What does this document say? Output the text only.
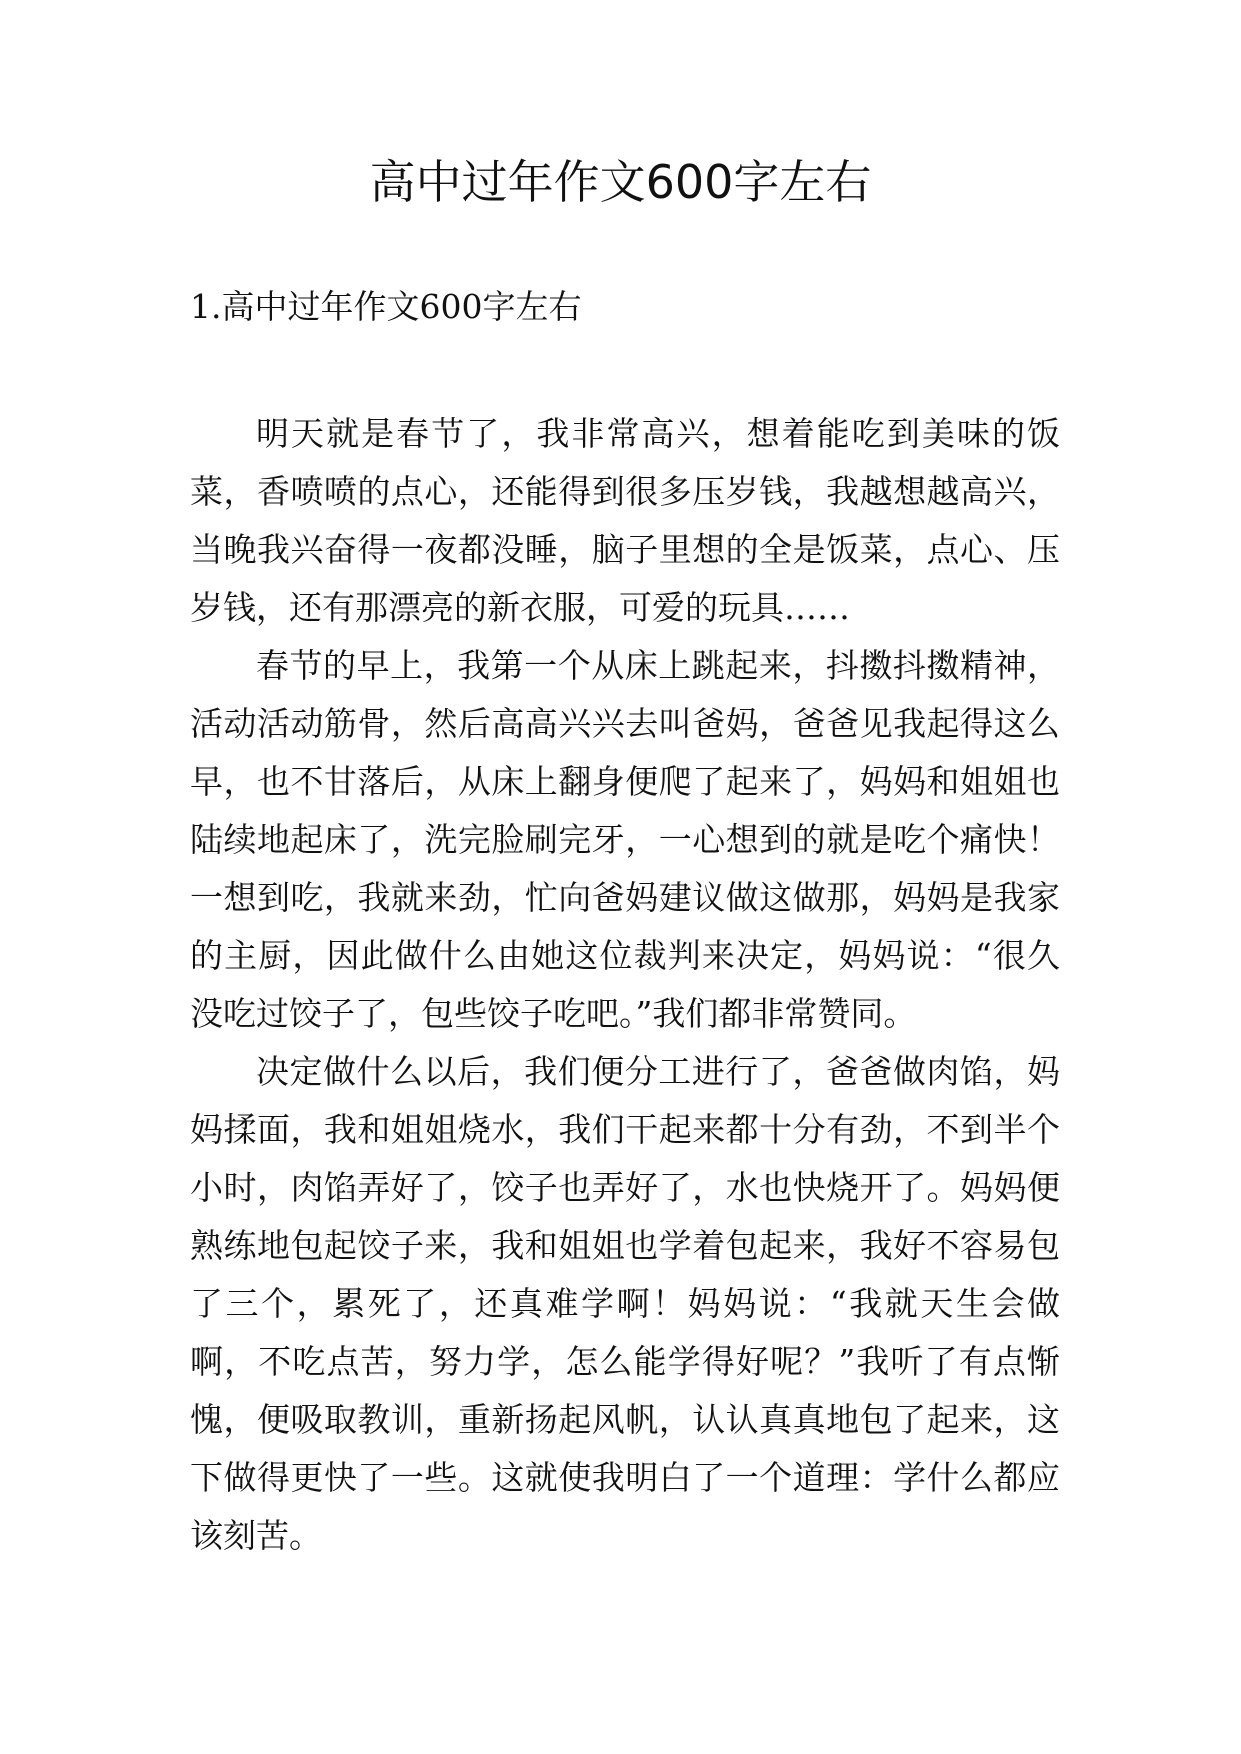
高中过年作文600字左右
1.高中过年作文600字左右

明天就是春节了，我非常高兴，想着能吃到美味的饭菜，香喷喷的点心，还能得到很多压岁钱，我越想越高兴，当晚我兴奋得一夜都没睡，脑子里想的全是饭菜，点心、压岁钱，还有那漂亮的新衣服，可爱的玩具……

春节的早上，我第一个从床上跳起来，抖擞抖擞精神，活动活动筋骨，然后高高兴兴去叫爸妈，爸爸见我起得这么早，也不甘落后，从床上翻身便爬了起来了，妈妈和姐姐也陆续地起床了，洗完脸刷完牙，一心想到的就是吃个痛快！一想到吃，我就来劲，忙向爸妈建议做这做那，妈妈是我家的主厨，因此做什么由她这位裁判来决定，妈妈说：“很久没吃过饺子了，包些饺子吃吧。”我们都非常赞同。

决定做什么以后，我们便分工进行了，爸爸做肉馅，妈妈揉面，我和姐姐烧水，我们干起来都十分有劲，不到半个小时，肉馅弄好了，饺子也弄好了，水也快烧开了。妈妈便熟练地包起饺子来，我和姐姐也学着包起来，我好不容易包了三个，累死了，还真难学啊！妈妈说：“我就天生会做啊，不吃点苦，努力学，怎么能学得好呢？”我听了有点惭愧，便吸取教训，重新扬起风帆，认认真真地包了起来，这下做得更快了一些。这就使我明白了一个道理：学什么都应该刻苦。
